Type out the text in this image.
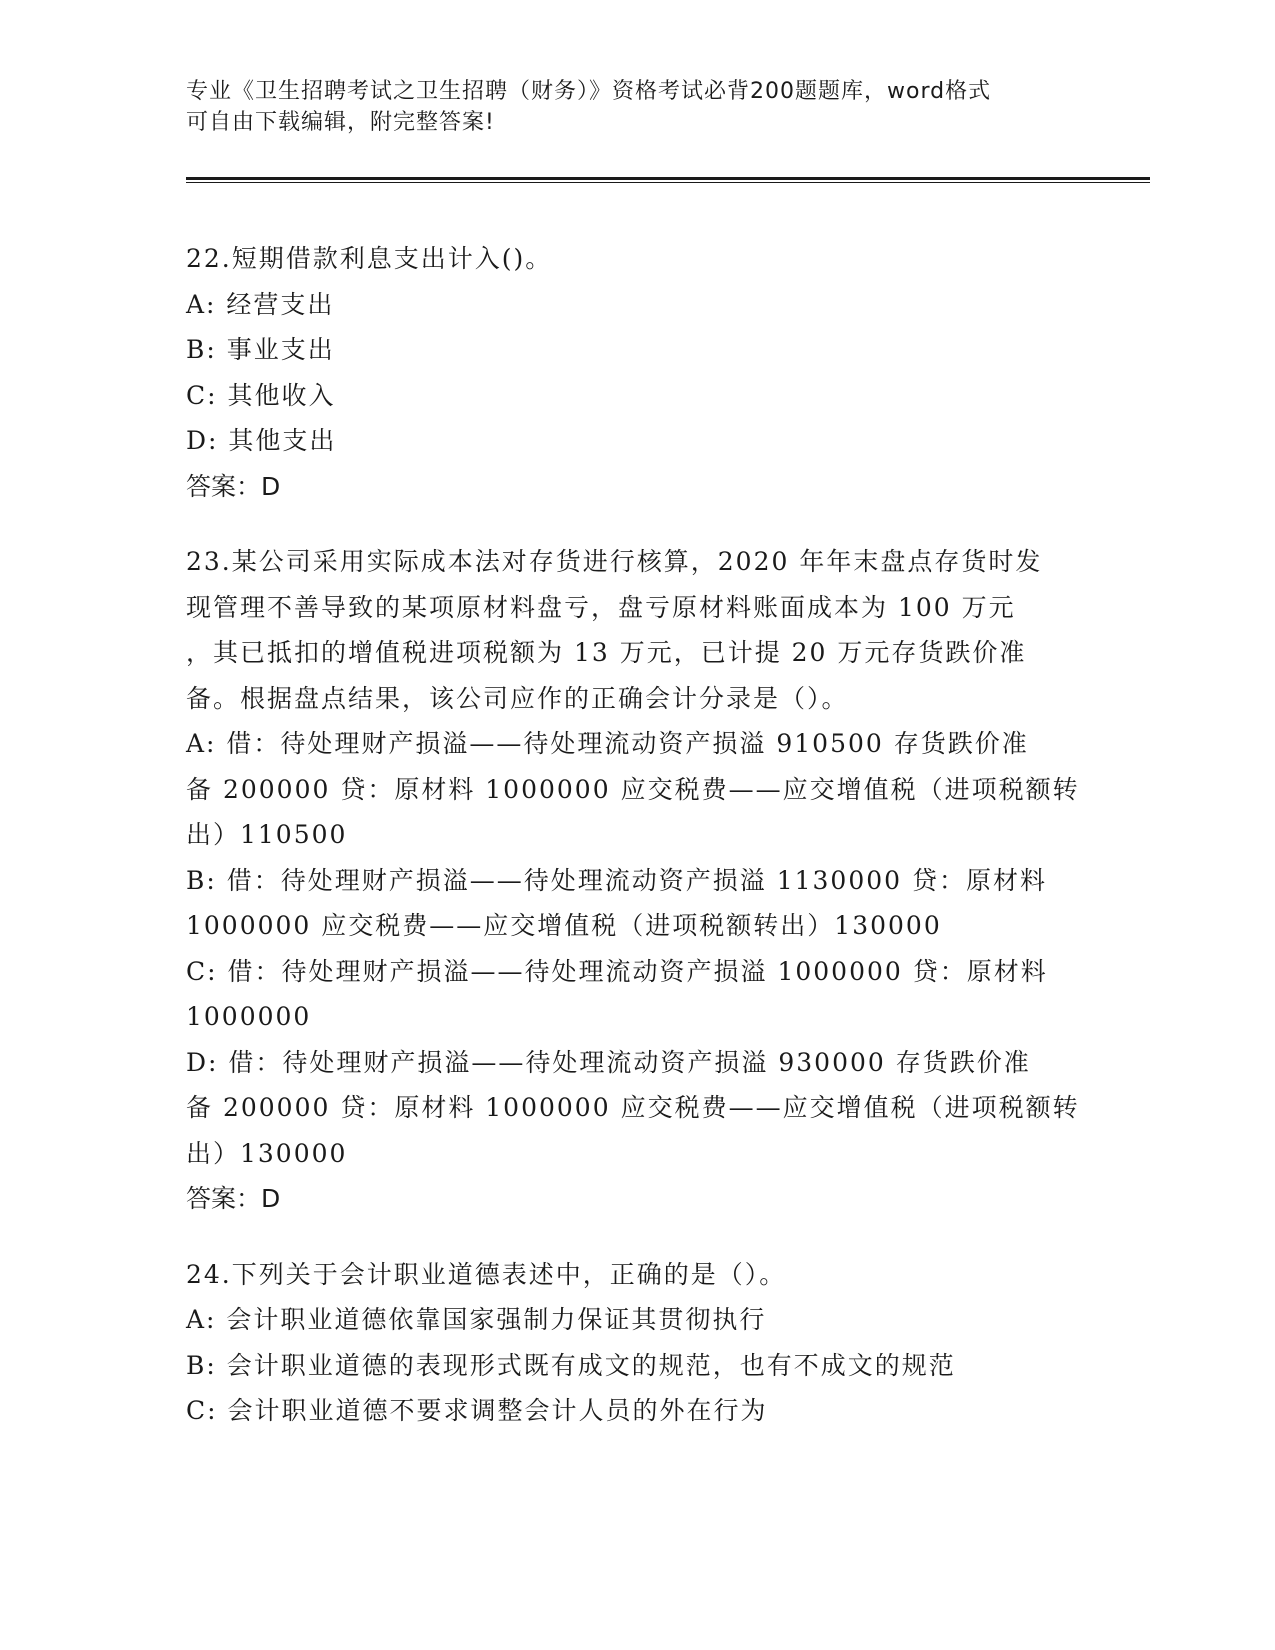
专业《卫生招聘考试之卫生招聘（财务）》资格考试必背200题题库，word格式
可自由下载编辑，附完整答案!
22.短期借款利息支出计入()。
A: 经营支出
B: 事业支出
C: 其他收入
D: 其他支出
答案：D
23.某公司采用实际成本法对存货进行核算，2020 年年末盘点存货时发
现管理不善导致的某项原材料盘亏，盘亏原材料账面成本为 100 万元
，其已抵扣的增值税进项税额为 13 万元，已计提 20 万元存货跌价准
备。根据盘点结果，该公司应作的正确会计分录是（）。
A: 借：待处理财产损溢——待处理流动资产损溢 910500 存货跌价准
备 200000 贷：原材料 1000000 应交税费——应交增值税（进项税额转
出）110500
B: 借：待处理财产损溢——待处理流动资产损溢 1130000 贷：原材料
1000000 应交税费——应交增值税（进项税额转出）130000
C: 借：待处理财产损溢——待处理流动资产损溢 1000000 贷：原材料
1000000
D: 借：待处理财产损溢——待处理流动资产损溢 930000 存货跌价准
备 200000 贷：原材料 1000000 应交税费——应交增值税（进项税额转
出）130000
答案：D
24.下列关于会计职业道德表述中，正确的是（）。
A: 会计职业道德依靠国家强制力保证其贯彻执行
B: 会计职业道德的表现形式既有成文的规范，也有不成文的规范
C: 会计职业道德不要求调整会计人员的外在行为
